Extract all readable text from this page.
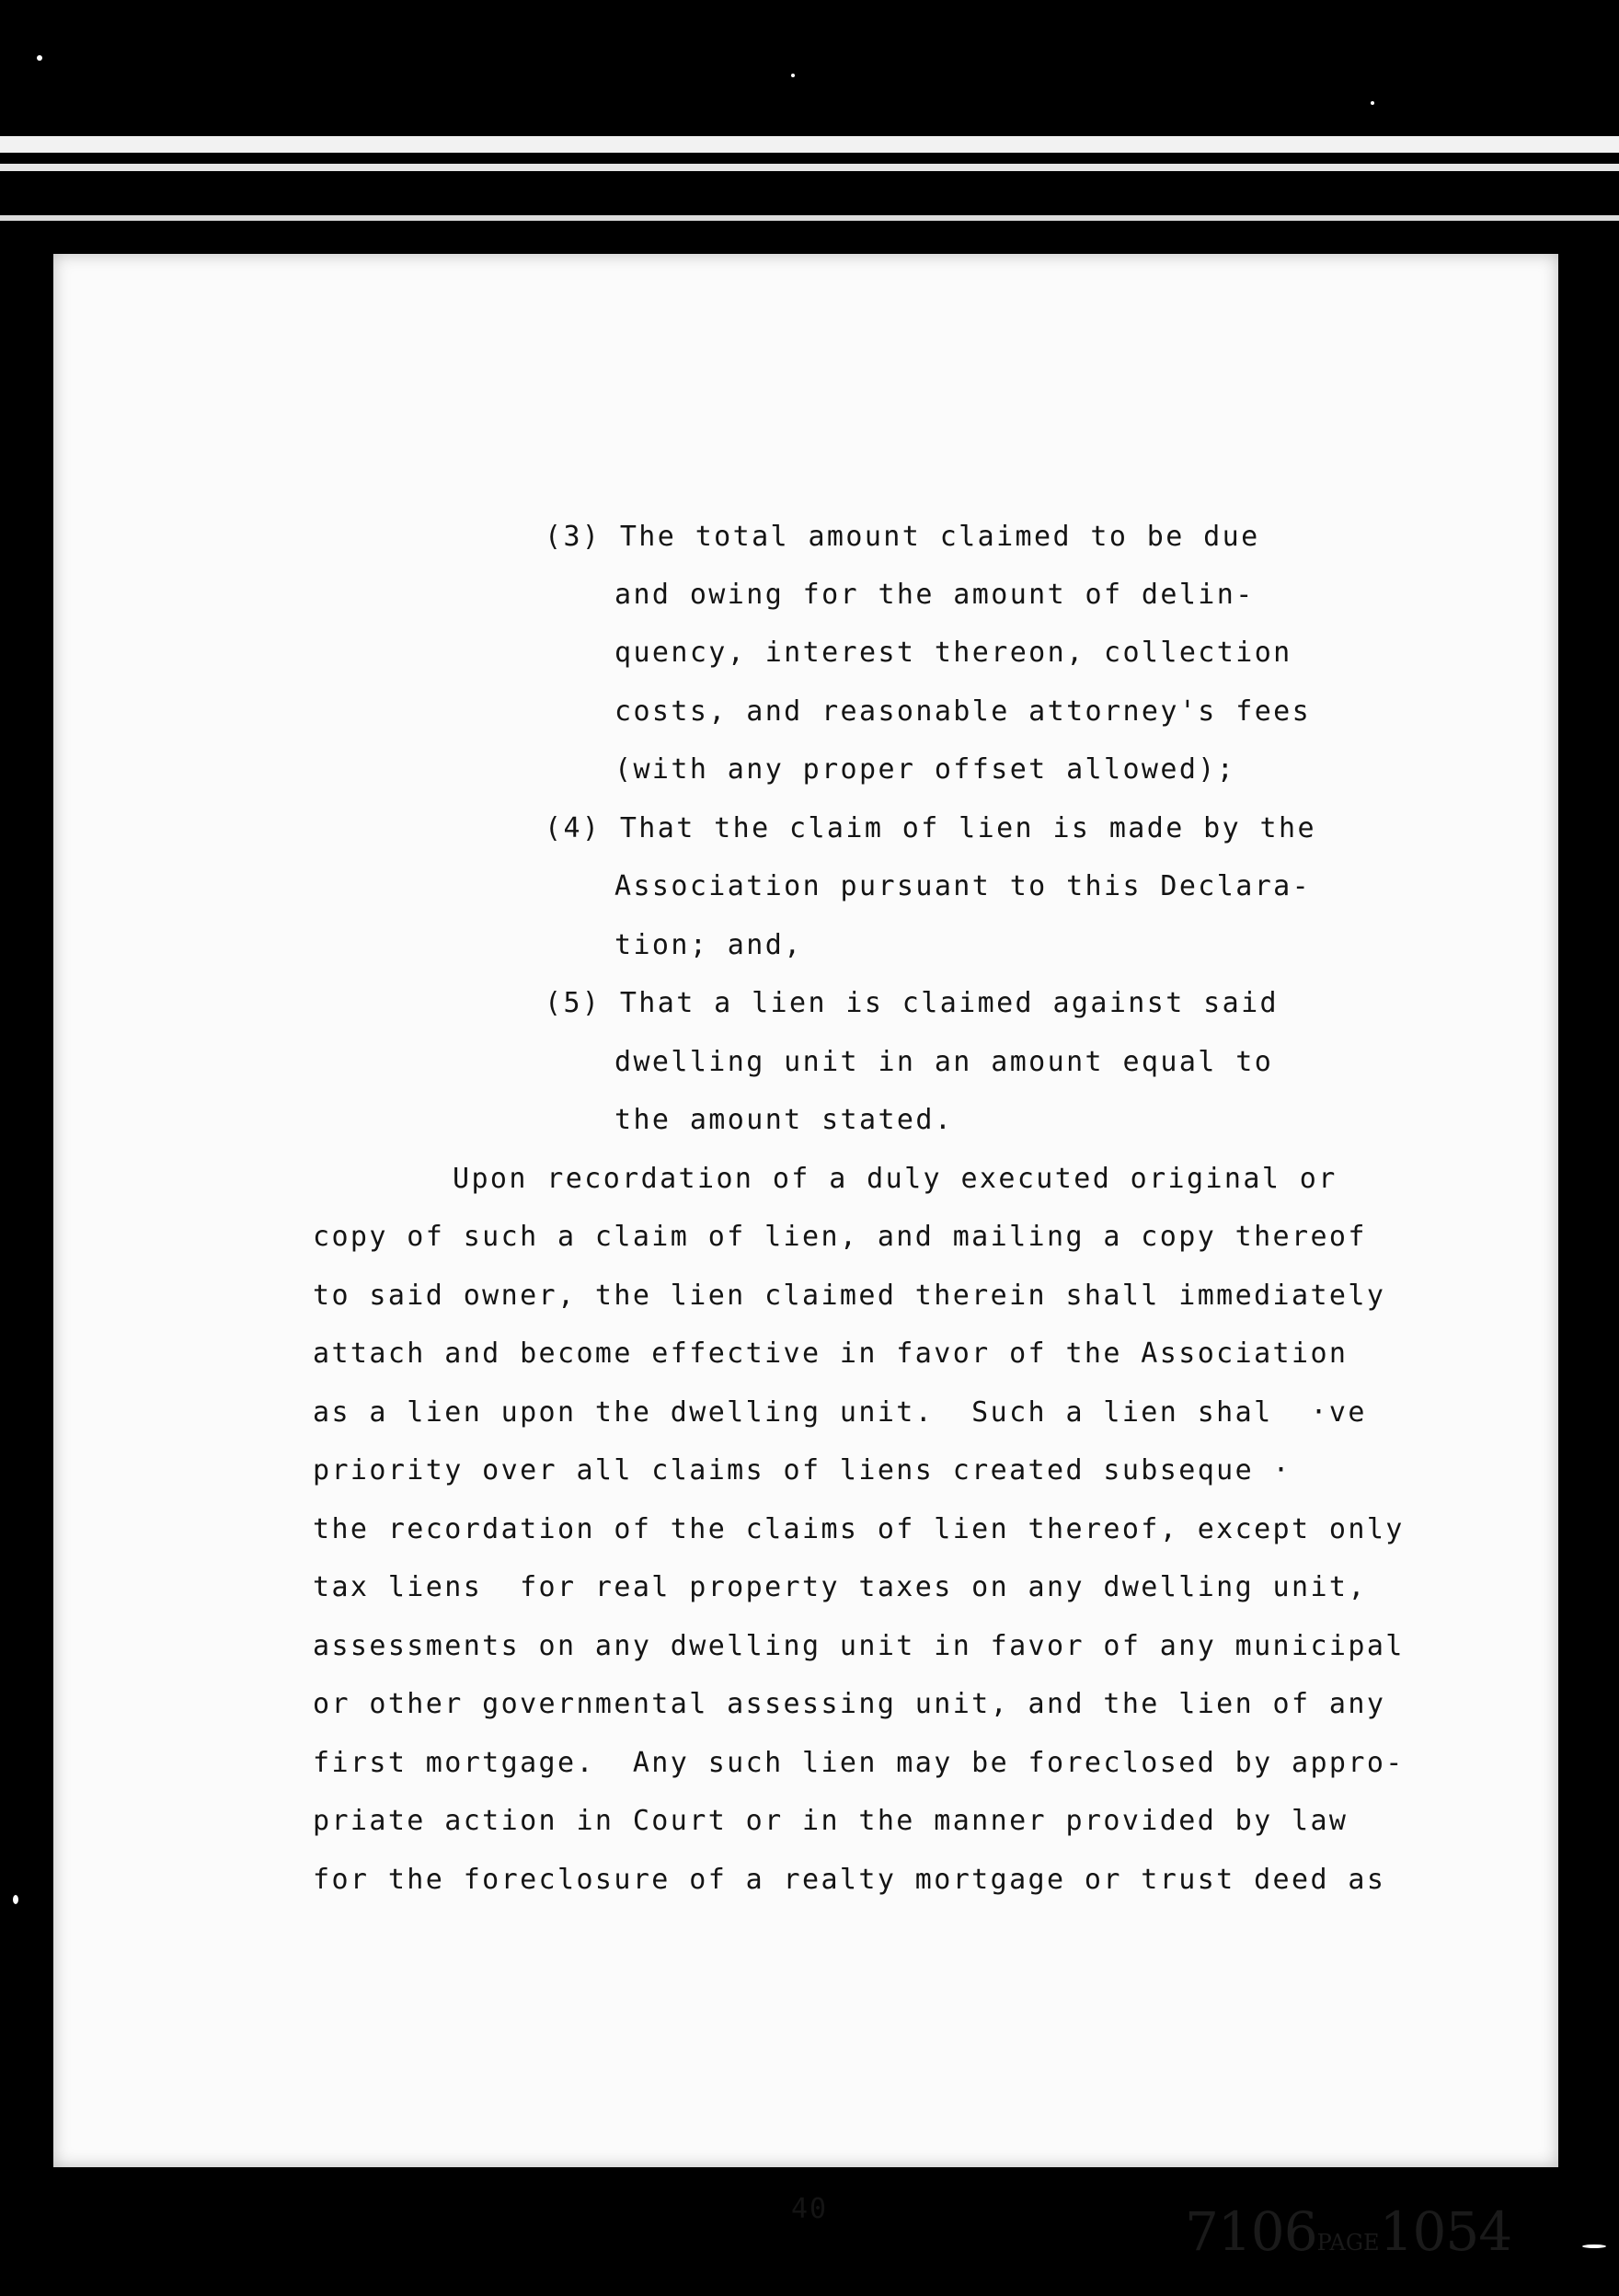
(3) The total amount claimed to be due
and owing for the amount of delin-
quency, interest thereon, collection
costs, and reasonable attorney's fees
(with any proper offset allowed);
(4) That the claim of lien is made by the
Association pursuant to this Declara-
tion; and,
(5) That a lien is claimed against said
dwelling unit in an amount equal to
the amount stated.
Upon recordation of a duly executed original or
copy of such a claim of lien, and mailing a copy thereof
to said owner, the lien claimed therein shall immediately
attach and become effective in favor of the Association
as a lien upon the dwelling unit.  Such a lien shal  ·ve
priority over all claims of liens created subseque ·
the recordation of the claims of lien thereof, except only
tax liens  for real property taxes on any dwelling unit,
assessments on any dwelling unit in favor of any municipal
or other governmental assessing unit, and the lien of any
first mortgage.  Any such lien may be foreclosed by appro-
priate action in Court or in the manner provided by law
for the foreclosure of a realty mortgage or trust deed as
40	7106PAGE1054
